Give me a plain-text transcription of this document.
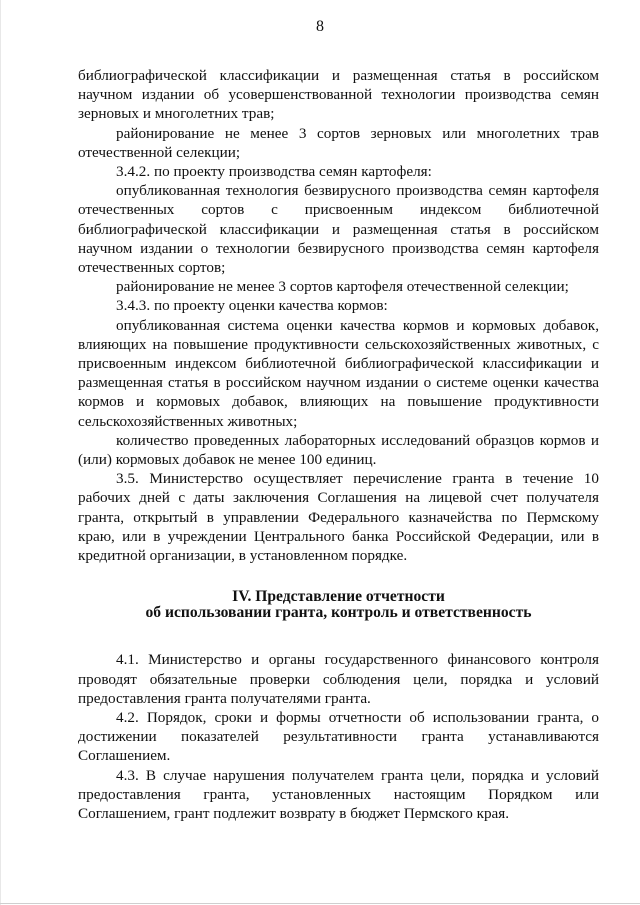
8

библиографической классификации и размещенная статья в российском научном издании об усовершенствованной технологии производства семян зерновых и многолетних трав;

районирование не менее 3 сортов зерновых или многолетних трав отечественной селекции;

3.4.2. по проекту производства семян картофеля:

опубликованная технология безвирусного производства семян картофеля отечественных сортов с присвоенным индексом библиотечной библиографической классификации и размещенная статья в российском научном издании о технологии безвирусного производства семян картофеля отечественных сортов;

районирование не менее 3 сортов картофеля отечественной селекции;

3.4.3. по проекту оценки качества кормов:

опубликованная система оценки качества кормов и кормовых добавок, влияющих на повышение продуктивности сельскохозяйственных животных, с присвоенным индексом библиотечной библиографической классификации и размещенная статья в российском научном издании о системе оценки качества кормов и кормовых добавок, влияющих на повышение продуктивности сельскохозяйственных животных;

количество проведенных лабораторных исследований образцов кормов и (или) кормовых добавок не менее 100 единиц.

3.5. Министерство осуществляет перечисление гранта в течение 10 рабочих дней с даты заключения Соглашения на лицевой счет получателя гранта, открытый в управлении Федерального казначейства по Пермскому краю, или в учреждении Центрального банка Российской Федерации, или в кредитной организации, в установленном порядке.

IV. Представление отчетности
об использовании гранта, контроль и ответственность

4.1. Министерство и органы государственного финансового контроля проводят обязательные проверки соблюдения цели, порядка и условий предоставления гранта получателями гранта.

4.2. Порядок, сроки и формы отчетности об использовании гранта, о достижении показателей результативности гранта устанавливаются Соглашением.

4.3. В случае нарушения получателем гранта цели, порядка и условий предоставления гранта, установленных настоящим Порядком или Соглашением, грант подлежит возврату в бюджет Пермского края.
